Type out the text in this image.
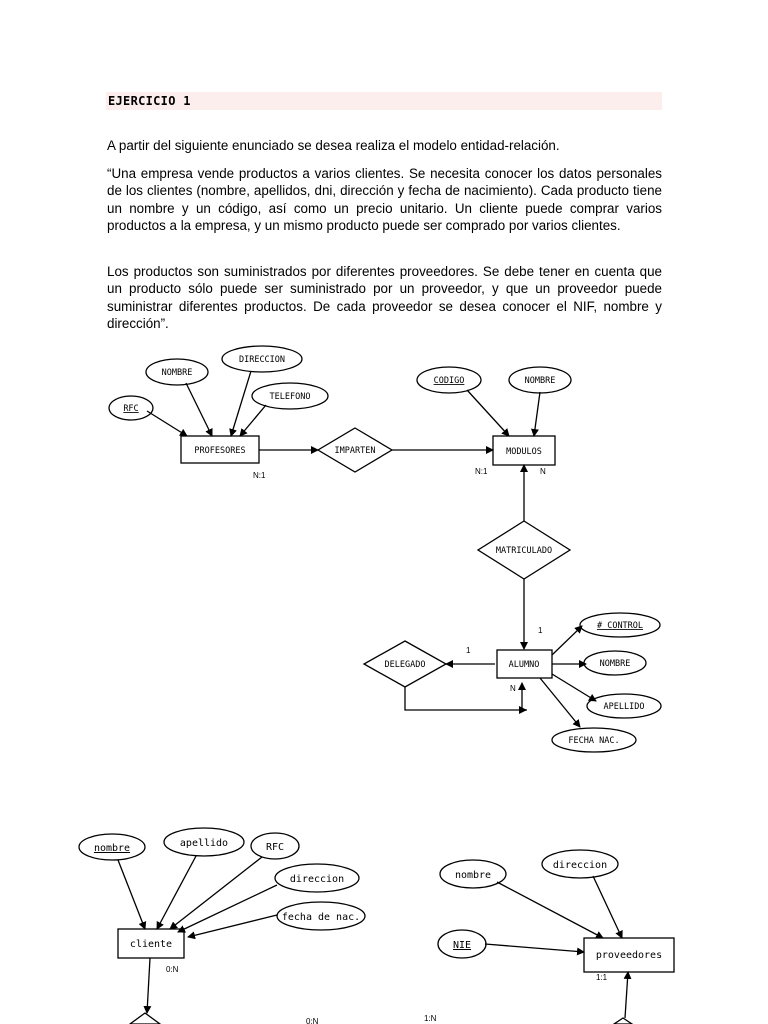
EJERCICIO 1

A partir del siguiente enunciado se desea realiza el modelo entidad-relación.

“Una empresa vende productos a varios clientes. Se necesita conocer los datos personales de los clientes (nombre, apellidos, dni, dirección y fecha de nacimiento). Cada producto tiene un nombre y un código, así como un precio unitario. Un cliente puede comprar varios productos a la empresa, y un mismo producto puede ser comprado por varios clientes.

Los productos son suministrados por diferentes proveedores. Se debe tener en cuenta que un producto sólo puede ser suministrado por un proveedor, y que un proveedor puede suministrar diferentes productos. De cada proveedor se desea conocer el NIF, nombre y dirección”.

NOMBRE
DIRECCION
TELEFONO
RFC
CODIGO	NOMBRE
# CONTROL
NOMBRE
APELLIDO
FECHA NAC.
PROFESORES	MODULOS
ALUMNO
IMPARTEN
MATRICULADO
DELEGADO
N:1	N:1	N
1
1
N
nombre	apellido	RFC
direccion
fecha de nac.
nombre
direccion
NIE
cliente
proveedores
0:N
1:1
0:N	1:N
